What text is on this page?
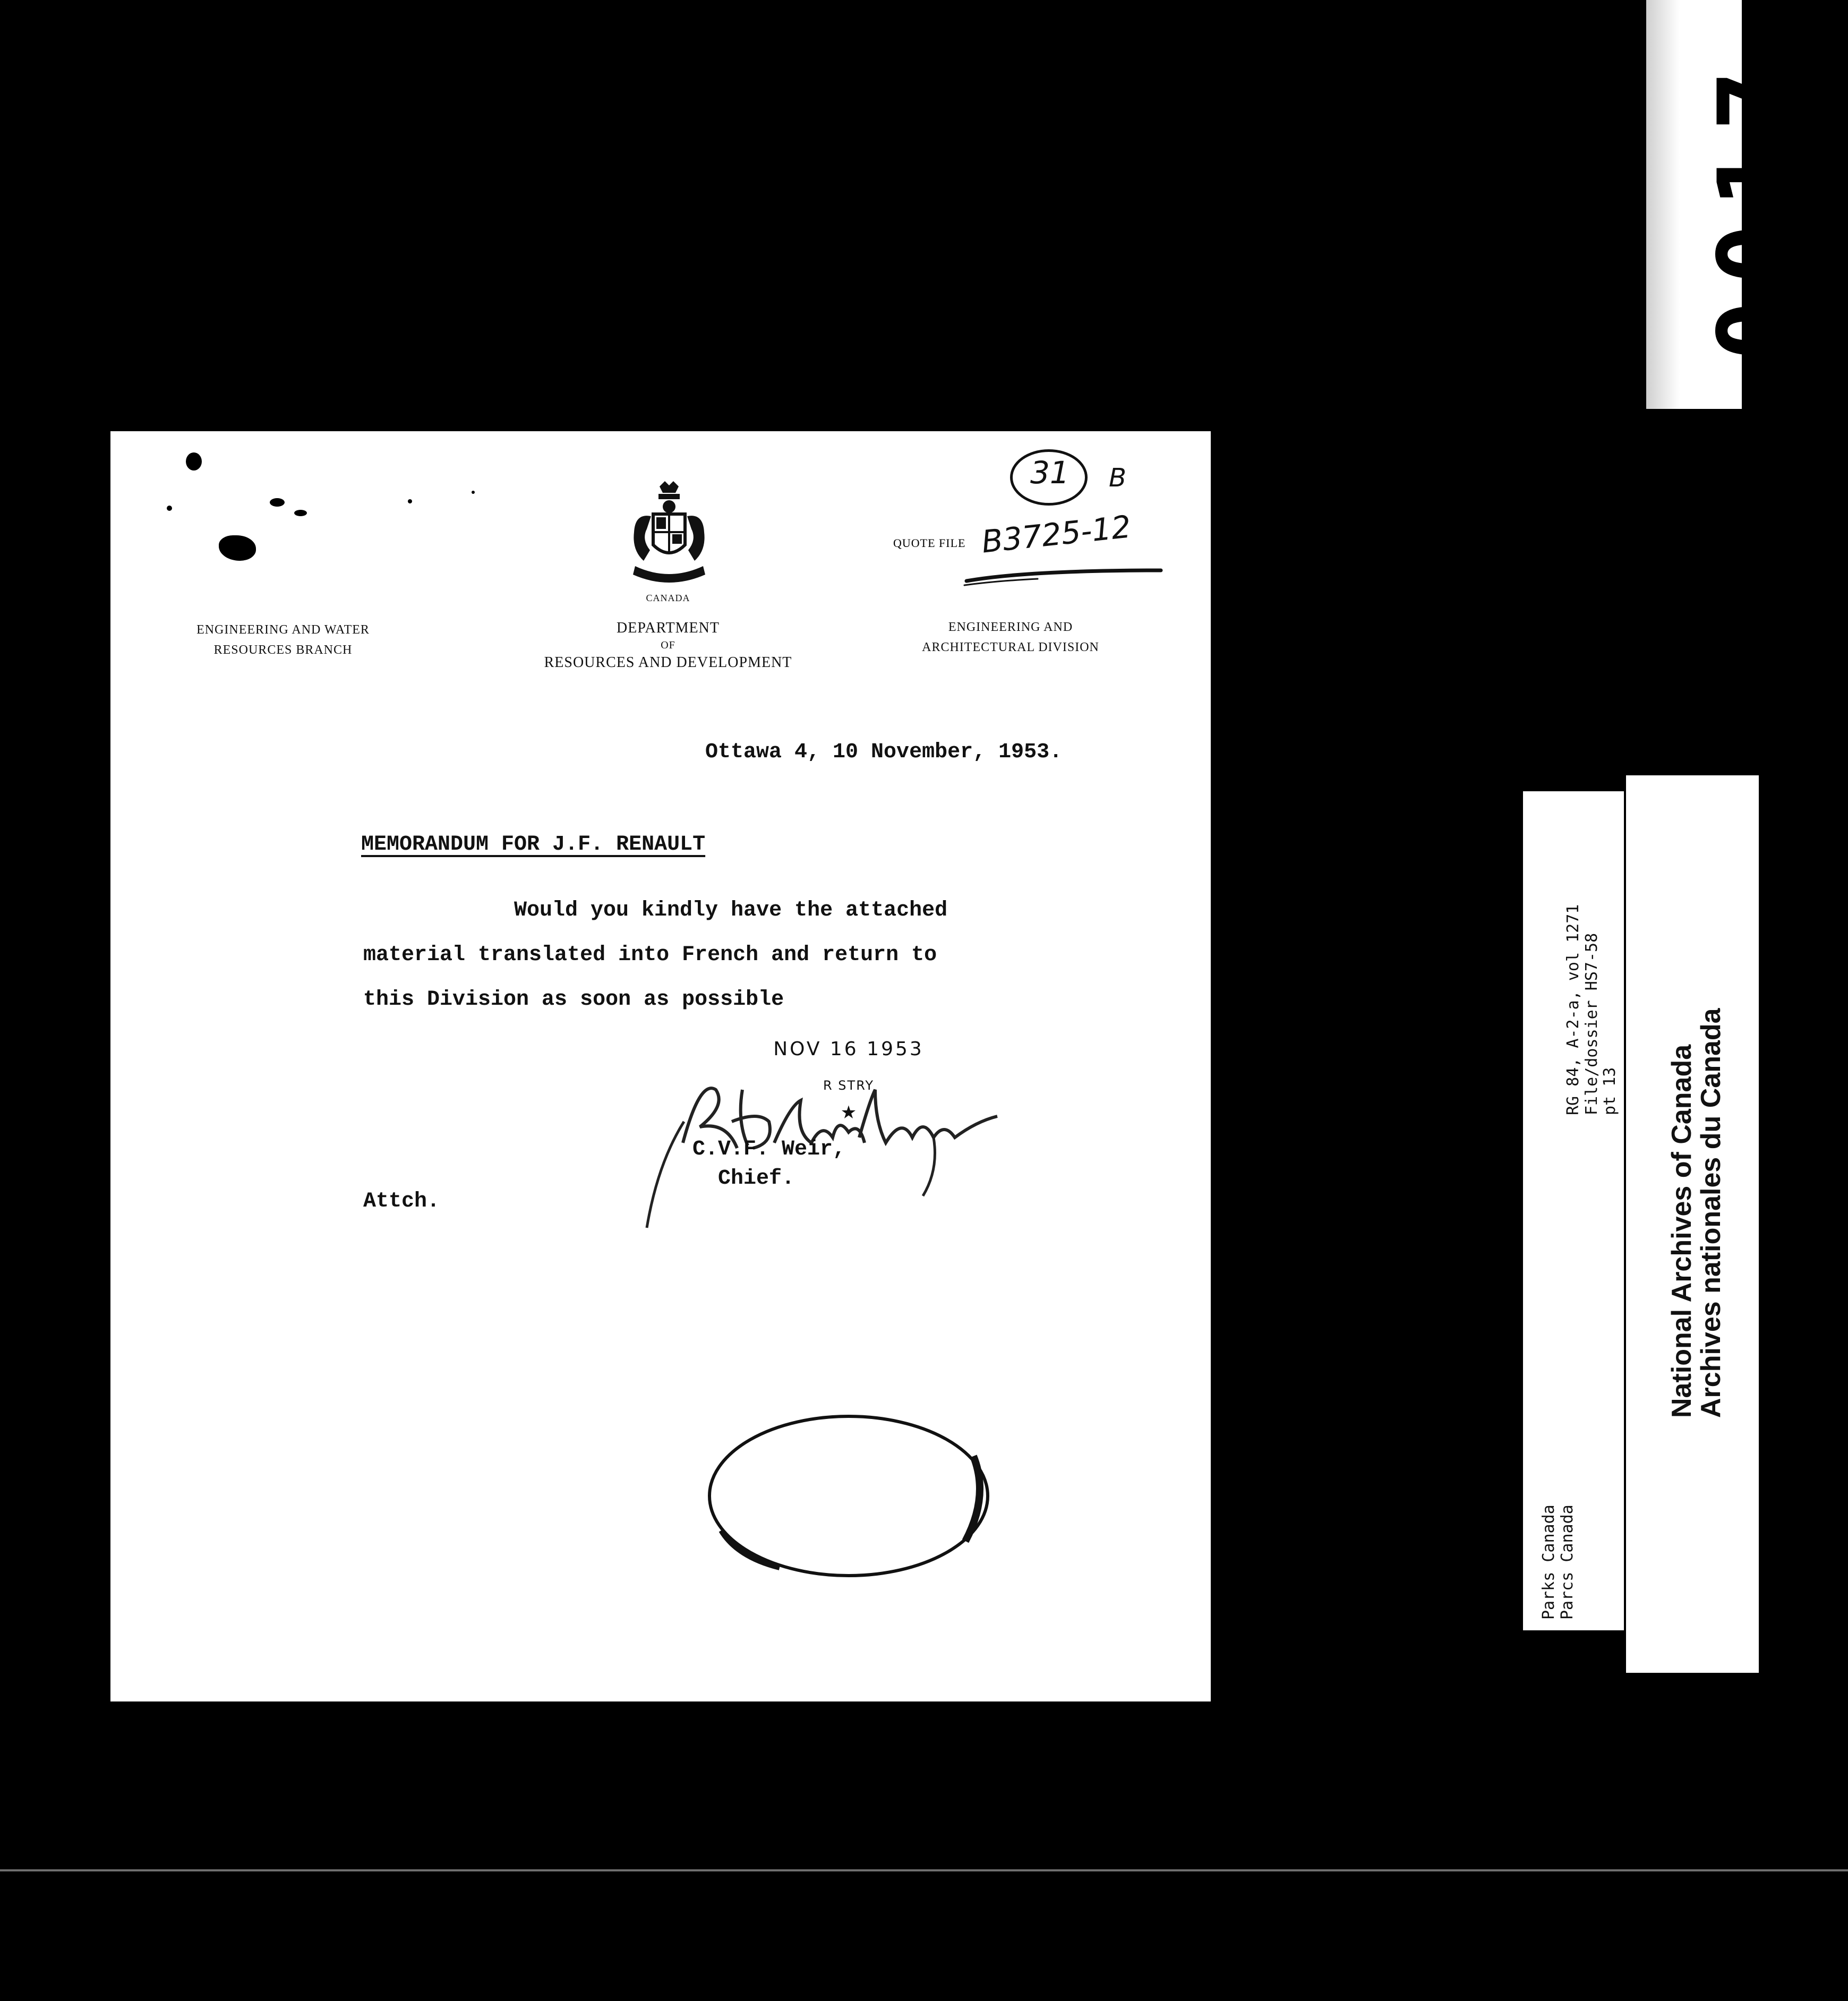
0017
CANADA
DEPARTMENT
OF
RESOURCES AND DEVELOPMENT
ENGINEERING AND WATER
RESOURCES BRANCH
ENGINEERING AND
ARCHITECTURAL DIVISION
QUOTE FILE
31 B
B3725-12
Ottawa 4, 10 November, 1953.
MEMORANDUM FOR J.F. RENAULT
Would you kindly have the attached
material translated into French and return to
this Division as soon as possible
C.V.F. Weir,
Chief.
Attch.
NOV 16 1953
R STRY
★	RG 84, A-2-a, vol 1271 File/dossier HS7-58 pt 13
Parks Canada Parcs Canada
National Archives of Canada
Archives nationales du Canada
